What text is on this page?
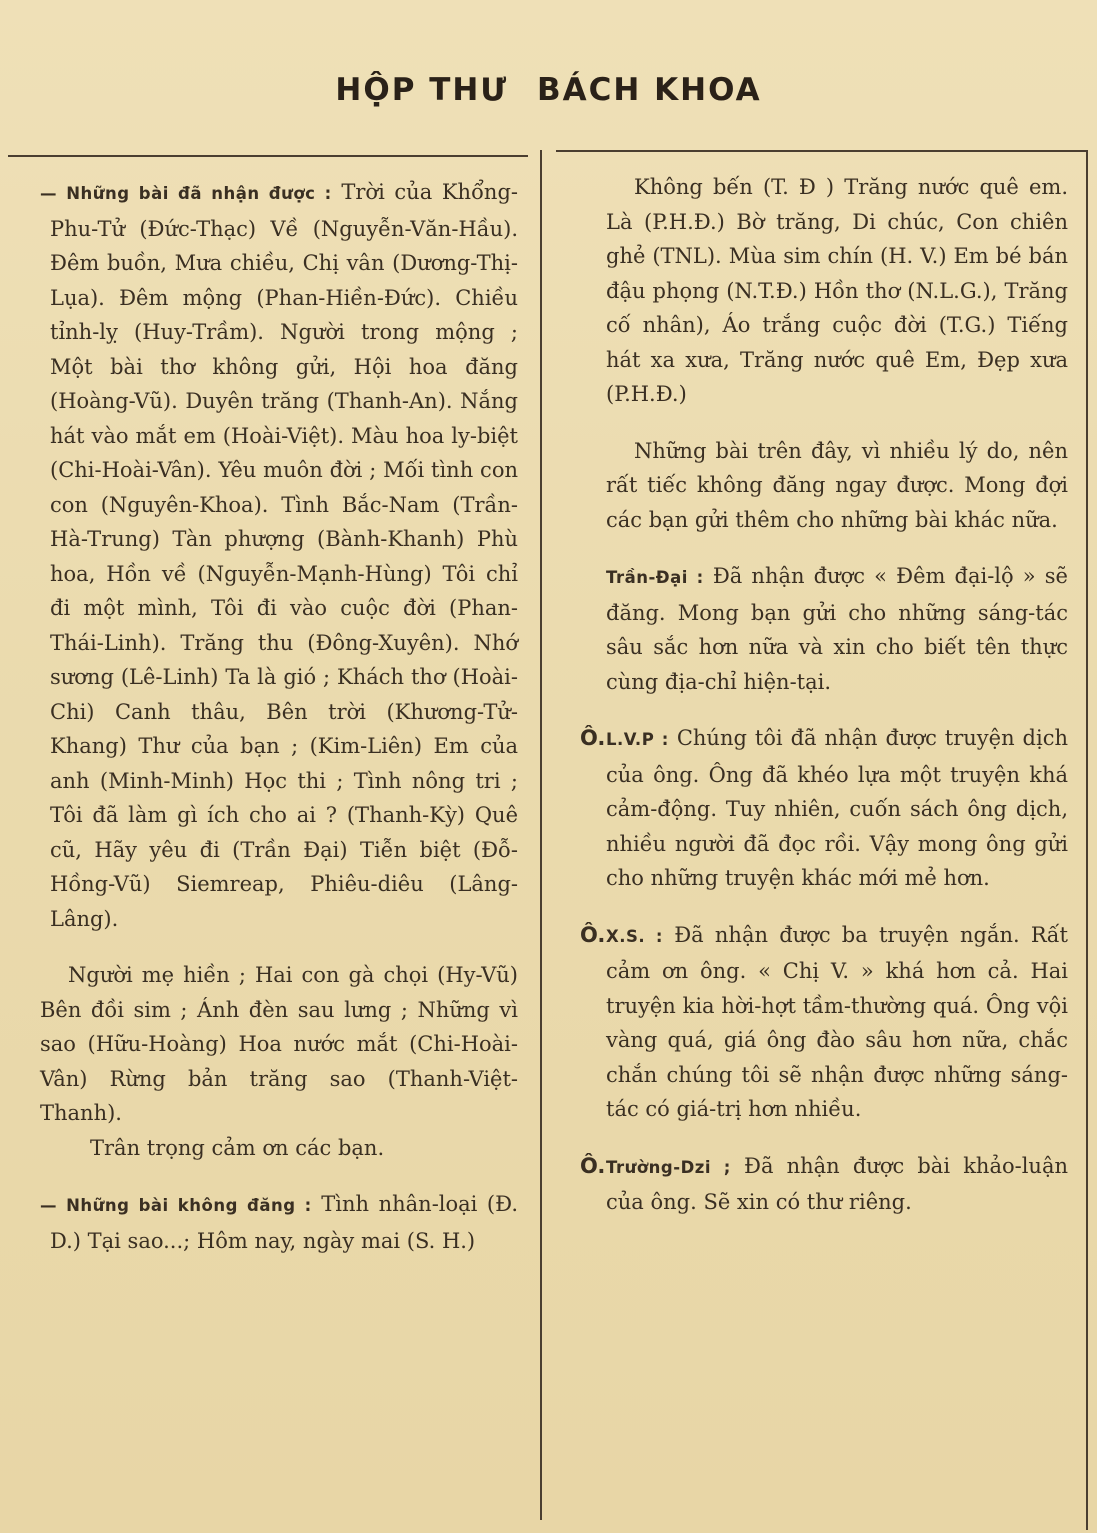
HỘP THƯ BÁCH KHOA

— Những bài đã nhận được : Trời của Khổng-Phu-Tử (Đức-Thạc) Về (Nguyễn-Văn-Hầu). Đêm buồn, Mưa chiều, Chị vân (Dương-Thị-Lụa). Đêm mộng (Phan-Hiền-Đức). Chiều tỉnh-lỵ (Huy-Trầm). Người trong mộng ; Một bài thơ không gửi, Hội hoa đăng (Hoàng-Vũ). Duyên trăng (Thanh-An). Nắng hát vào mắt em (Hoài-Việt). Màu hoa ly-biệt (Chi-Hoài-Vân). Yêu muôn đời ; Mối tình con con (Nguyên-Khoa). Tình Bắc-Nam (Trần-Hà-Trung) Tàn phượng (Bành-Khanh) Phù hoa, Hồn về (Nguyễn-Mạnh-Hùng) Tôi chỉ đi một mình, Tôi đi vào cuộc đời (Phan-Thái-Linh). Trăng thu (Đông-Xuyên). Nhớ sương (Lê-Linh) Ta là gió ; Khách thơ (Hoài-Chi) Canh thâu, Bên trời (Khương-Tử-Khang) Thư của bạn ; (Kim-Liên) Em của anh (Minh-Minh) Học thi ; Tình nông tri ; Tôi đã làm gì ích cho ai ? (Thanh-Kỳ) Quê cũ, Hãy yêu đi (Trần Đại) Tiễn biệt (Đỗ-Hồng-Vũ) Siemreap, Phiêu-diêu (Lâng-Lâng).

Người mẹ hiền ; Hai con gà chọi (Hy-Vũ) Bên đồi sim ; Ánh đèn sau lưng ; Những vì sao (Hữu-Hoàng) Hoa nước mắt (Chi-Hoài-Vân) Rừng bản trăng sao (Thanh-Việt-Thanh).

Trân trọng cảm ơn các bạn.

— Những bài không đăng : Tình nhân-loại (Đ. D.) Tại sao...; Hôm nay, ngày mai (S. H.)

Không bến (T. Đ ) Trăng nước quê em. Là (P.H.Đ.) Bờ trăng, Di chúc, Con chiên ghẻ (TNL). Mùa sim chín (H. V.) Em bé bán đậu phọng (N.T.Đ.) Hồn thơ (N.L.G.), Trăng cố nhân), Áo trắng cuộc đời (T.G.) Tiếng hát xa xưa, Trăng nước quê Em, Đẹp xưa (P.H.Đ.)

Những bài trên đây, vì nhiều lý do, nên rất tiếc không đăng ngay được. Mong đợi các bạn gửi thêm cho những bài khác nữa.

Trần-Đại : Đã nhận được « Đêm đại-lộ » sẽ đăng. Mong bạn gửi cho những sáng-tác sâu sắc hơn nữa và xin cho biết tên thực cùng địa-chỉ hiện-tại.

Ô. L.V.P : Chúng tôi đã nhận được truyện dịch của ông. Ông đã khéo lựa một truyện khá cảm-động. Tuy nhiên, cuốn sách ông dịch, nhiều người đã đọc rồi. Vậy mong ông gửi cho những truyện khác mới mẻ hơn.

Ô. X.S. : Đã nhận được ba truyện ngắn. Rất cảm ơn ông. « Chị V. » khá hơn cả. Hai truyện kia hời-hợt tầm-thường quá. Ông vội vàng quá, giá ông đào sâu hơn nữa, chắc chắn chúng tôi sẽ nhận được những sáng-tác có giá-trị hơn nhiều.

Ô. Trường-Dzi ; Đã nhận được bài khảo-luận của ông. Sẽ xin có thư riêng.
